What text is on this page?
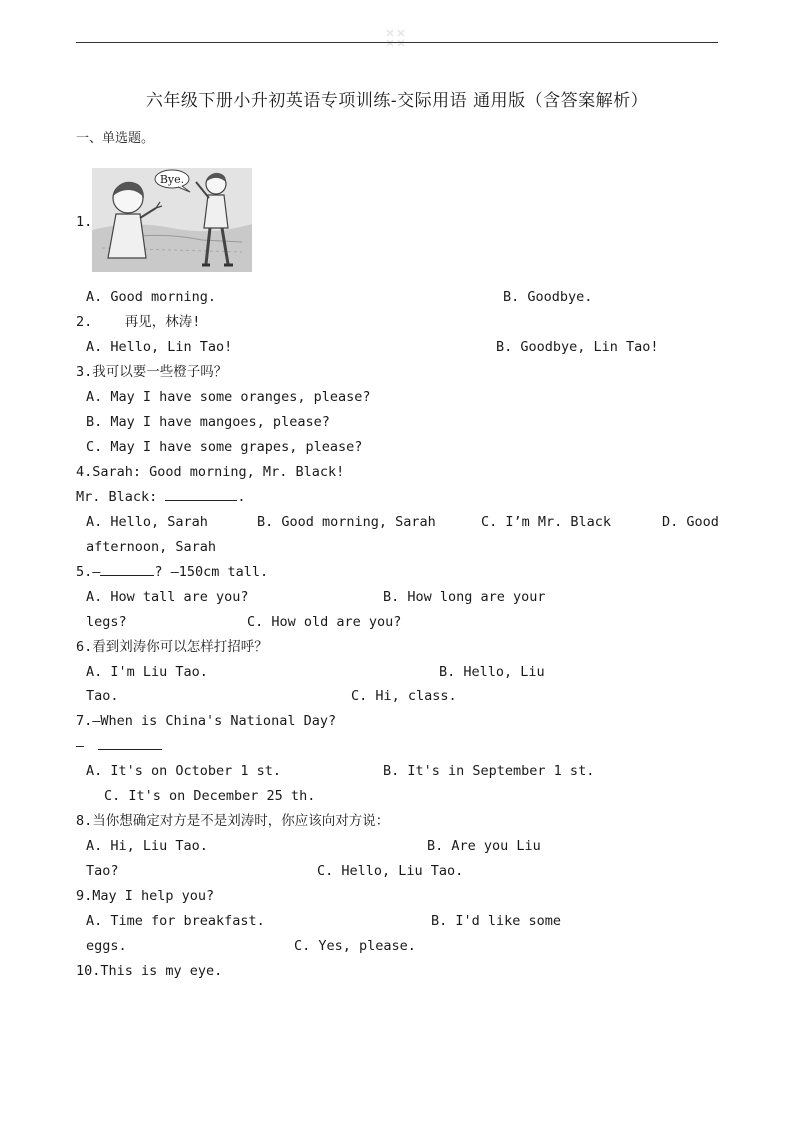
六年级下册小升初英语专项训练-交际用语 通用版（含答案解析）
一、单选题。
1.
Bye.
A. Good morning.	B. Goodbye.
2.    再见，林涛!
A. Hello, Lin Tao!	B. Goodbye, Lin Tao!
3.我可以要一些橙子吗？
A. May I have some oranges, please?
B. May I have mangoes, please?
C. May I have some grapes, please?
4.Sarah: Good morning, Mr. Black!
Mr. Black:	.
A. Hello, Sarah	B. Good morning, Sarah	C. I’m Mr. Black	D. Good
afternoon, Sarah
5.—	? —150cm tall.
A. How tall are you?	B. How long are your
legs?	C. How old are you?
6.看到刘涛你可以怎样打招呼？
A. I'm Liu Tao.	B. Hello, Liu
Tao.	C. Hi, class.
7.—When is China's National Day?
—
A. It's on October 1 st.	B. It's in September 1 st.
C. It's on December 25 th.
8.当你想确定对方是不是刘涛时，你应该向对方说：
A. Hi, Liu Tao.	B. Are you Liu
Tao?	C. Hello, Liu Tao.
9.May I help you?
A. Time for breakfast.	B. I'd like some
eggs.	C. Yes, please.
10.This is my eye.
